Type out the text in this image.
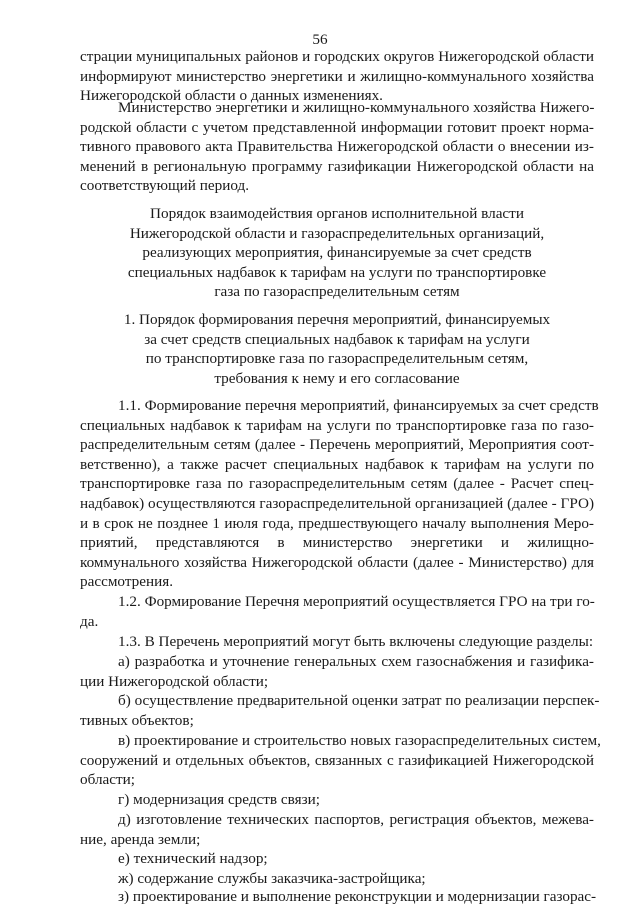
56
страции муниципальных районов и городских округов Нижегородской области
информируют министерство энергетики и жилищно-коммунального хозяйства
Нижегородской области о данных изменениях.
Министерство энергетики и жилищно-коммунального хозяйства Нижего-
родской области с учетом представленной информации готовит проект норма-
тивного правового акта Правительства Нижегородской области о внесении из-
менений в региональную программу газификации Нижегородской области на
соответствующий период.
Порядок взаимодействия органов исполнительной власти
Нижегородской области и газораспределительных организаций,
реализующих мероприятия, финансируемые за счет средств
специальных надбавок к тарифам на услуги по транспортировке
газа по газораспределительным сетям
1. Порядок формирования перечня мероприятий, финансируемых
за счет средств специальных надбавок к тарифам на услуги
по транспортировке газа по газораспределительным сетям,
требования к нему и его согласование
1.1. Формирование перечня мероприятий, финансируемых за счет средств
специальных надбавок к тарифам на услуги по транспортировке газа по газо-
распределительным сетям (далее - Перечень мероприятий, Мероприятия соот-
ветственно), а также расчет специальных надбавок к тарифам на услуги по
транспортировке газа по газораспределительным сетям (далее - Расчет спец-
надбавок) осуществляются газораспределительной организацией (далее - ГРО)
и в срок не позднее 1 июля года, предшествующего началу выполнения Меро-
приятий, представляются в министерство энергетики и жилищно-
коммунального хозяйства Нижегородской области (далее - Министерство) для
рассмотрения.
1.2. Формирование Перечня мероприятий осуществляется ГРО на три го-
да.
1.3. В Перечень мероприятий могут быть включены следующие разделы:
а) разработка и уточнение генеральных схем газоснабжения и газифика-
ции Нижегородской области;
б) осуществление предварительной оценки затрат по реализации перспек-
тивных объектов;
в) проектирование и строительство новых газораспределительных систем,
сооружений и отдельных объектов, связанных с газификацией Нижегородской
области;
г) модернизация средств связи;
д) изготовление технических паспортов, регистрация объектов, межева-
ние, аренда земли;
е) технический надзор;
ж) содержание службы заказчика-застройщика;
з) проектирование и выполнение реконструкции и модернизации газорас-
